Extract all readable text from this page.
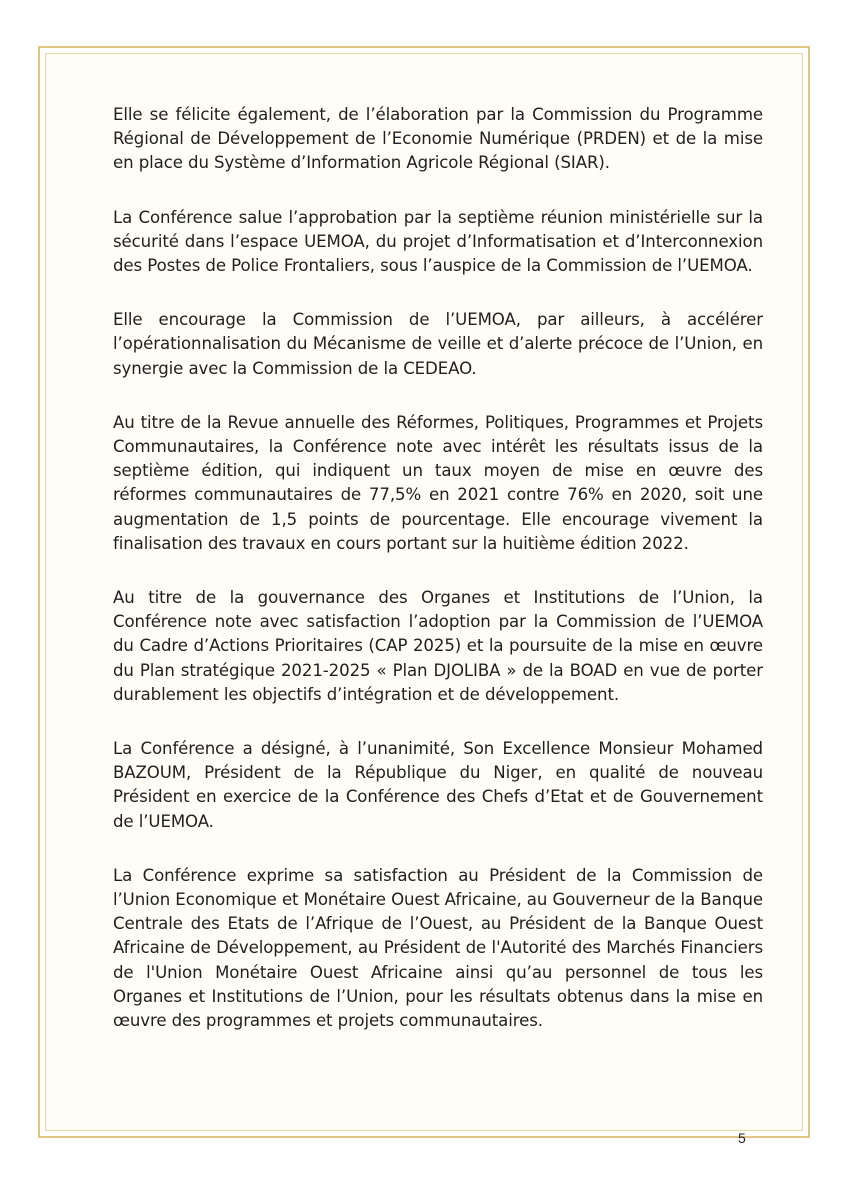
Elle se félicite également, de l’élaboration par la Commission du Programme Régional de Développement de l’Economie Numérique (PRDEN) et de la mise en place du Système d’Information Agricole Régional (SIAR).

La Conférence salue l’approbation par la septième réunion ministérielle sur la sécurité dans l’espace UEMOA, du projet d’Informatisation et d’Interconnexion des Postes de Police Frontaliers, sous l’auspice de la Commission de l’UEMOA.

Elle encourage la Commission de l’UEMOA, par ailleurs, à accélérer l’opérationnalisation du Mécanisme de veille et d’alerte précoce de l’Union, en synergie avec la Commission de la CEDEAO.

Au titre de la Revue annuelle des Réformes, Politiques, Programmes et Projets Communautaires, la Conférence note avec intérêt les résultats issus de la septième édition, qui indiquent un taux moyen de mise en œuvre des réformes communautaires de 77,5% en 2021 contre 76% en 2020, soit une augmentation de 1,5 points de pourcentage. Elle encourage vivement la finalisation des travaux en cours portant sur la huitième édition 2022.

Au titre de la gouvernance des Organes et Institutions de l’Union, la Conférence note avec satisfaction l’adoption par la Commission de l’UEMOA du Cadre d’Actions Prioritaires (CAP 2025) et la poursuite de la mise en œuvre du Plan stratégique 2021-2025 « Plan DJOLIBA » de la BOAD en vue de porter durablement les objectifs d’intégration et de développement.

La Conférence a désigné, à l’unanimité, Son Excellence Monsieur Mohamed BAZOUM, Président de la République du Niger, en qualité de nouveau Président en exercice de la Conférence des Chefs d’Etat et de Gouvernement de l’UEMOA.

La Conférence exprime sa satisfaction au Président de la Commission de l’Union Economique et Monétaire Ouest Africaine, au Gouverneur de la Banque Centrale des Etats de l’Afrique de l’Ouest, au Président de la Banque Ouest Africaine de Développement, au Président de l'Autorité des Marchés Financiers de l'Union Monétaire Ouest Africaine ainsi qu’au personnel de tous les Organes et Institutions de l’Union, pour les résultats obtenus dans la mise en œuvre des programmes et projets communautaires.

5
